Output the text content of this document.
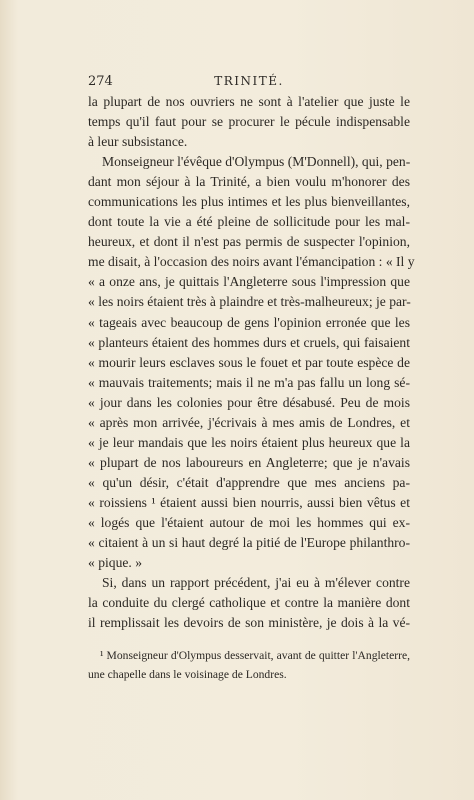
274	TRINITÉ.
la plupart de nos ouvriers ne sont à l'atelier que juste le
temps qu'il faut pour se procurer le pécule indispensable
à leur subsistance.
Monseigneur l'évêque d'Olympus (M'Donnell), qui, pen-
dant mon séjour à la Trinité, a bien voulu m'honorer des
communications les plus intimes et les plus bienveillantes,
dont toute la vie a été pleine de sollicitude pour les mal-
heureux, et dont il n'est pas permis de suspecter l'opinion,
me disait, à l'occasion des noirs avant l'émancipation : « Il y
« a onze ans, je quittais l'Angleterre sous l'impression que
« les noirs étaient très à plaindre et très-malheureux; je par-
« tageais avec beaucoup de gens l'opinion erronée que les
« planteurs étaient des hommes durs et cruels, qui faisaient
« mourir leurs esclaves sous le fouet et par toute espèce de
« mauvais traitements; mais il ne m'a pas fallu un long sé-
« jour dans les colonies pour être désabusé. Peu de mois
« après mon arrivée, j'écrivais à mes amis de Londres, et
« je leur mandais que les noirs étaient plus heureux que la
« plupart de nos laboureurs en Angleterre; que je n'avais
« qu'un désir, c'était d'apprendre que mes anciens pa-
« roissiens ¹ étaient aussi bien nourris, aussi bien vêtus et
« logés que l'étaient autour de moi les hommes qui ex-
« citaient à un si haut degré la pitié de l'Europe philanthro-
« pique. »
Si, dans un rapport précédent, j'ai eu à m'élever contre
la conduite du clergé catholique et contre la manière dont
il remplissait les devoirs de son ministère, je dois à la vé-
¹ Monseigneur d'Olympus desservait, avant de quitter l'Angleterre,
une chapelle dans le voisinage de Londres.
